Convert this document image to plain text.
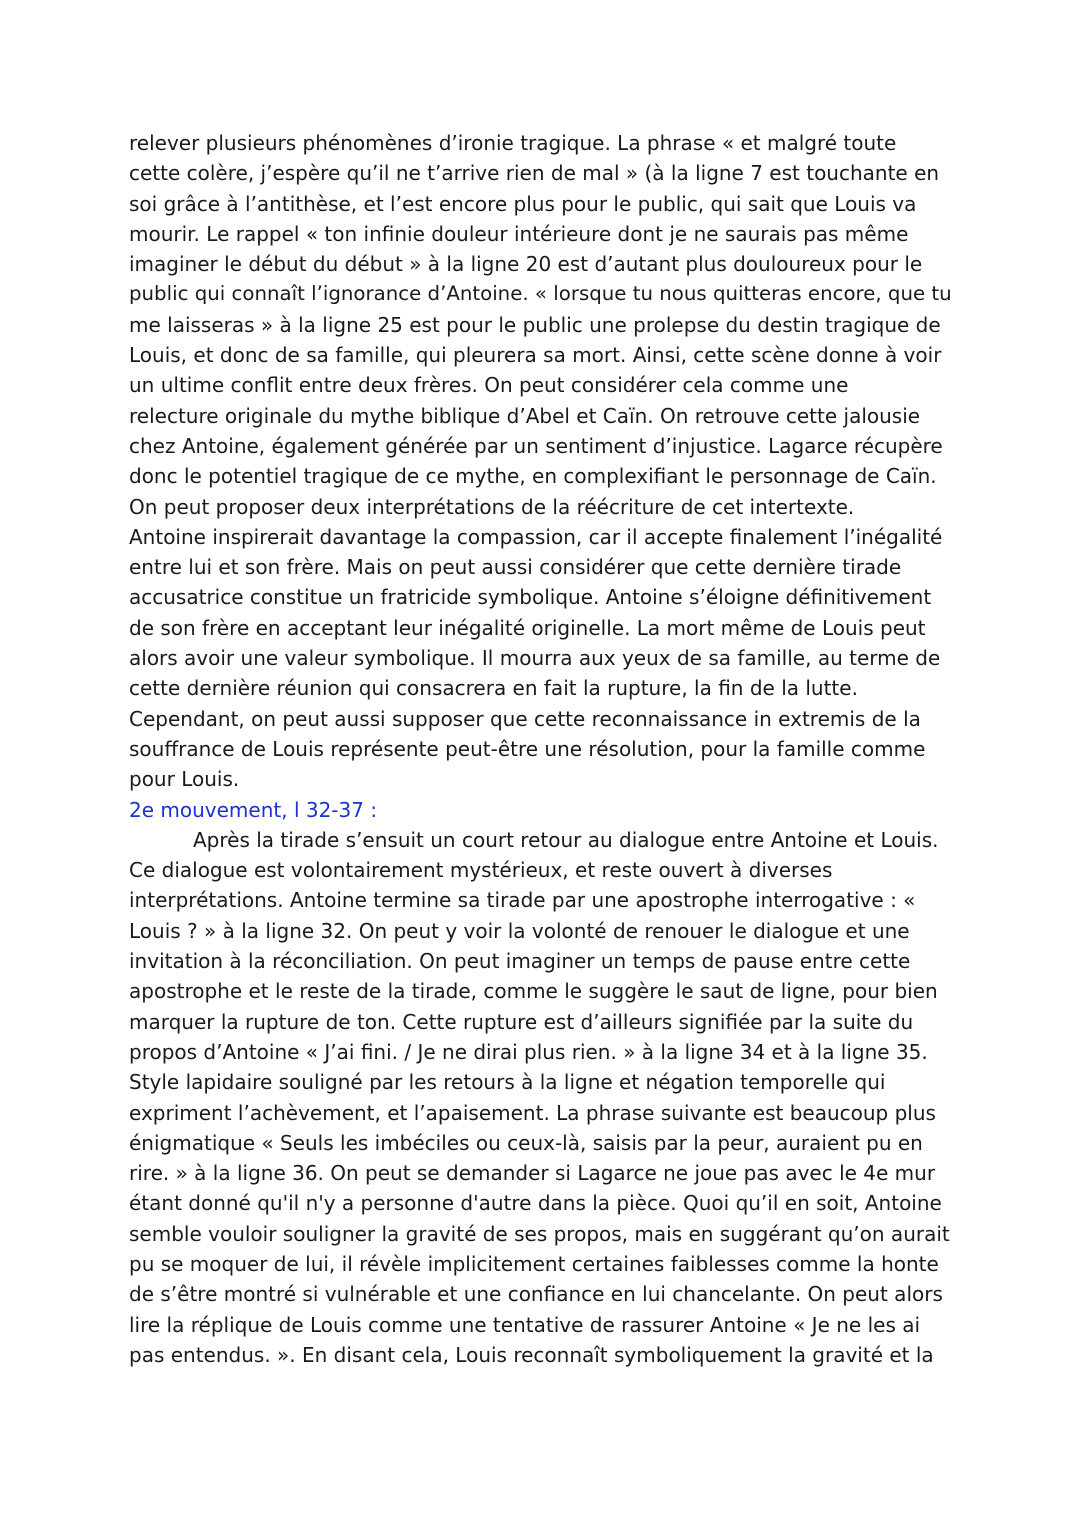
relever plusieurs phénomènes d’ironie tragique. La phrase « et malgré toute
cette colère, j’espère qu’il ne t’arrive rien de mal » (à la ligne 7 est touchante en
soi grâce à l’antithèse, et l’est encore plus pour le public, qui sait que Louis va
mourir. Le rappel « ton infinie douleur intérieure dont je ne saurais pas même
imaginer le début du début » à la ligne 20 est d’autant plus douloureux pour le
public qui connaît l’ignorance d’Antoine. « lorsque tu nous quitteras encore, que tu
me laisseras » à la ligne 25 est pour le public une prolepse du destin tragique de
Louis, et donc de sa famille, qui pleurera sa mort. Ainsi, cette scène donne à voir
un ultime conflit entre deux frères. On peut considérer cela comme une
relecture originale du mythe biblique d’Abel et Caïn. On retrouve cette jalousie
chez Antoine, également générée par un sentiment d’injustice. Lagarce récupère
donc le potentiel tragique de ce mythe, en complexifiant le personnage de Caïn.
On peut proposer deux interprétations de la réécriture de cet intertexte.
Antoine inspirerait davantage la compassion, car il accepte finalement l’inégalité
entre lui et son frère. Mais on peut aussi considérer que cette dernière tirade
accusatrice constitue un fratricide symbolique. Antoine s’éloigne définitivement
de son frère en acceptant leur inégalité originelle. La mort même de Louis peut
alors avoir une valeur symbolique. Il mourra aux yeux de sa famille, au terme de
cette dernière réunion qui consacrera en fait la rupture, la fin de la lutte.
Cependant, on peut aussi supposer que cette reconnaissance in extremis de la
souffrance de Louis représente peut-être une résolution, pour la famille comme
pour Louis.
2e mouvement, l 32-37 :
Après la tirade s’ensuit un court retour au dialogue entre Antoine et Louis.
Ce dialogue est volontairement mystérieux, et reste ouvert à diverses
interprétations. Antoine termine sa tirade par une apostrophe interrogative : «
Louis ? » à la ligne 32. On peut y voir la volonté de renouer le dialogue et une
invitation à la réconciliation. On peut imaginer un temps de pause entre cette
apostrophe et le reste de la tirade, comme le suggère le saut de ligne, pour bien
marquer la rupture de ton. Cette rupture est d’ailleurs signifiée par la suite du
propos d’Antoine « J’ai fini. / Je ne dirai plus rien. » à la ligne 34 et à la ligne 35.
Style lapidaire souligné par les retours à la ligne et négation temporelle qui
expriment l’achèvement, et l’apaisement. La phrase suivante est beaucoup plus
énigmatique « Seuls les imbéciles ou ceux-là, saisis par la peur, auraient pu en
rire. » à la ligne 36. On peut se demander si Lagarce ne joue pas avec le 4e mur
étant donné qu'il n'y a personne d'autre dans la pièce. Quoi qu’il en soit, Antoine
semble vouloir souligner la gravité de ses propos, mais en suggérant qu’on aurait
pu se moquer de lui, il révèle implicitement certaines faiblesses comme la honte
de s’être montré si vulnérable et une confiance en lui chancelante. On peut alors
lire la réplique de Louis comme une tentative de rassurer Antoine « Je ne les ai
pas entendus. ». En disant cela, Louis reconnaît symboliquement la gravité et la
